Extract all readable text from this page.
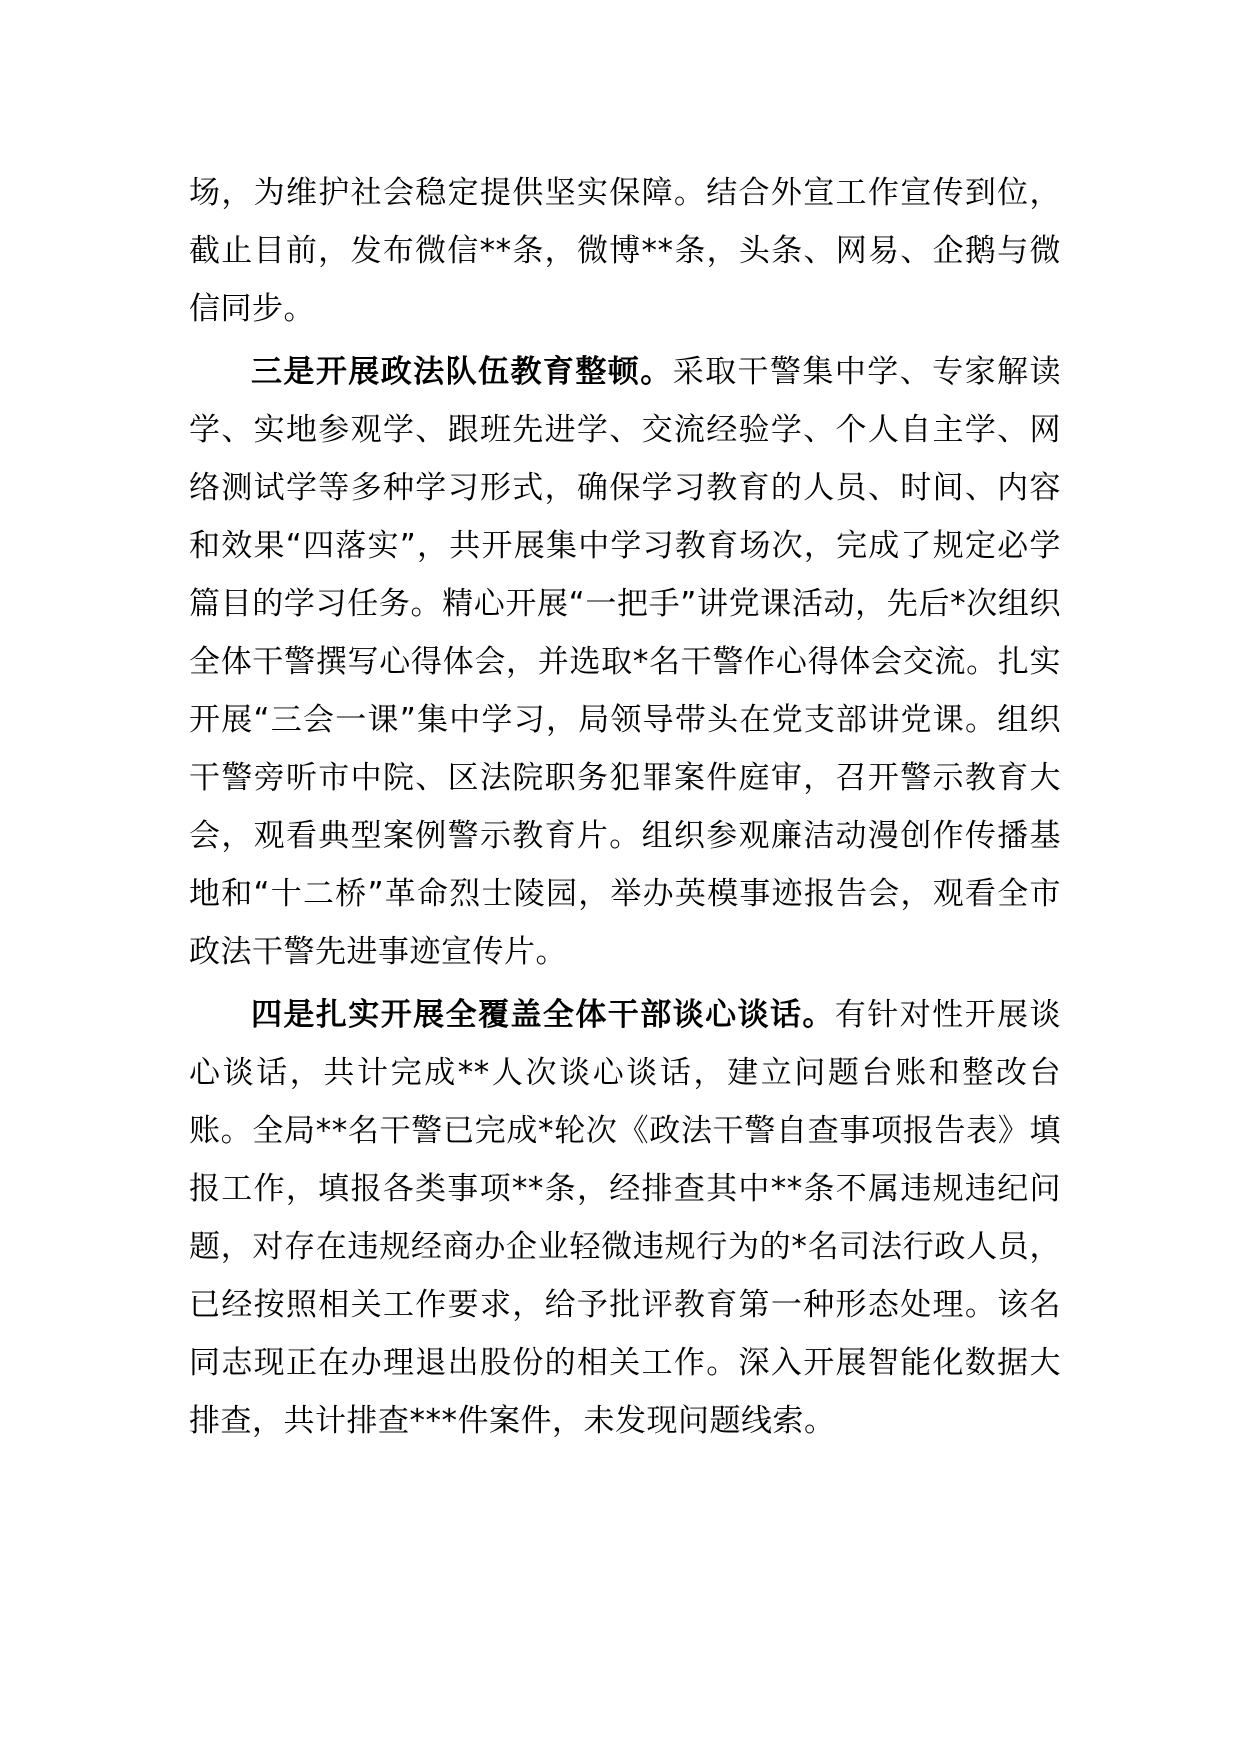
场，为维护社会稳定提供坚实保障。结合外宣工作宣传到位，截止目前，发布微信**条，微博**条，头条、网易、企鹅与微信同步。

三是开展政法队伍教育整顿。采取干警集中学、专家解读学、实地参观学、跟班先进学、交流经验学、个人自主学、网络测试学等多种学习形式，确保学习教育的人员、时间、内容和效果“四落实”，共开展集中学习教育场次，完成了规定必学篇目的学习任务。精心开展“一把手”讲党课活动，先后*次组织全体干警撰写心得体会，并选取*名干警作心得体会交流。扎实开展“三会一课”集中学习，局领导带头在党支部讲党课。组织干警旁听市中院、区法院职务犯罪案件庭审，召开警示教育大会，观看典型案例警示教育片。组织参观廉洁动漫创作传播基地和“十二桥”革命烈士陵园，举办英模事迹报告会，观看全市政法干警先进事迹宣传片。

四是扎实开展全覆盖全体干部谈心谈话。有针对性开展谈心谈话，共计完成**人次谈心谈话，建立问题台账和整改台账。全局**名干警已完成*轮次《政法干警自查事项报告表》填报工作，填报各类事项**条，经排查其中**条不属违规违纪问题，对存在违规经商办企业轻微违规行为的*名司法行政人员，已经按照相关工作要求，给予批评教育第一种形态处理。该名同志现正在办理退出股份的相关工作。深入开展智能化数据大排查，共计排查***件案件，未发现问题线索。
